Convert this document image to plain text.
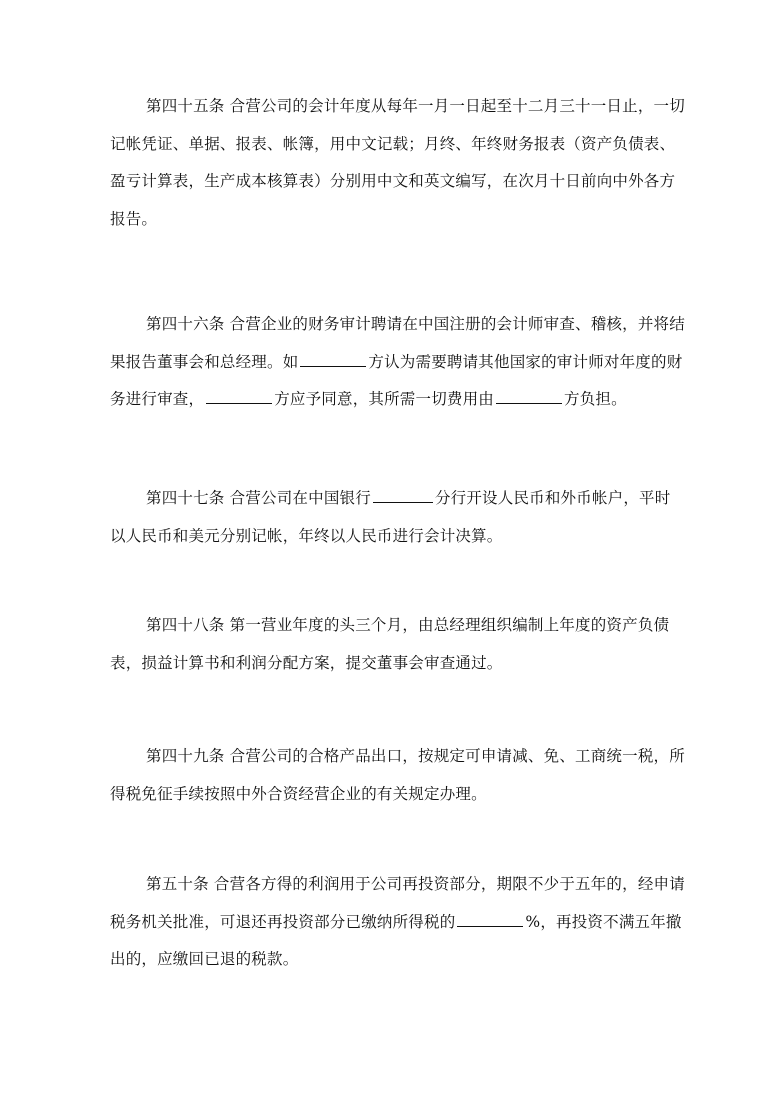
第四十五条 合营公司的会计年度从每年一月一日起至十二月三十一日止，一切
记帐凭证、单据、报表、帐簿，用中文记载；月终、年终财务报表（资产负债表、
盈亏计算表，生产成本核算表）分别用中文和英文编写，在次月十日前向中外各方
报告。
第四十六条 合营企业的财务审计聘请在中国注册的会计师审查、稽核，并将结
果报告董事会和总经理。如	方认为需要聘请其他国家的审计师对年度的财
务进行审查，	方应予同意，其所需一切费用由	方负担。
第四十七条 合营公司在中国银行	分行开设人民币和外币帐户，平时
以人民币和美元分别记帐，年终以人民币进行会计决算。
第四十八条 第一营业年度的头三个月，由总经理组织编制上年度的资产负债
表，损益计算书和利润分配方案，提交董事会审查通过。
第四十九条 合营公司的合格产品出口，按规定可申请减、免、工商统一税，所
得税免征手续按照中外合资经营企业的有关规定办理。
第五十条 合营各方得的利润用于公司再投资部分，期限不少于五年的，经申请
税务机关批准，可退还再投资部分已缴纳所得税的	%，再投资不满五年撤
出的，应缴回已退的税款。
